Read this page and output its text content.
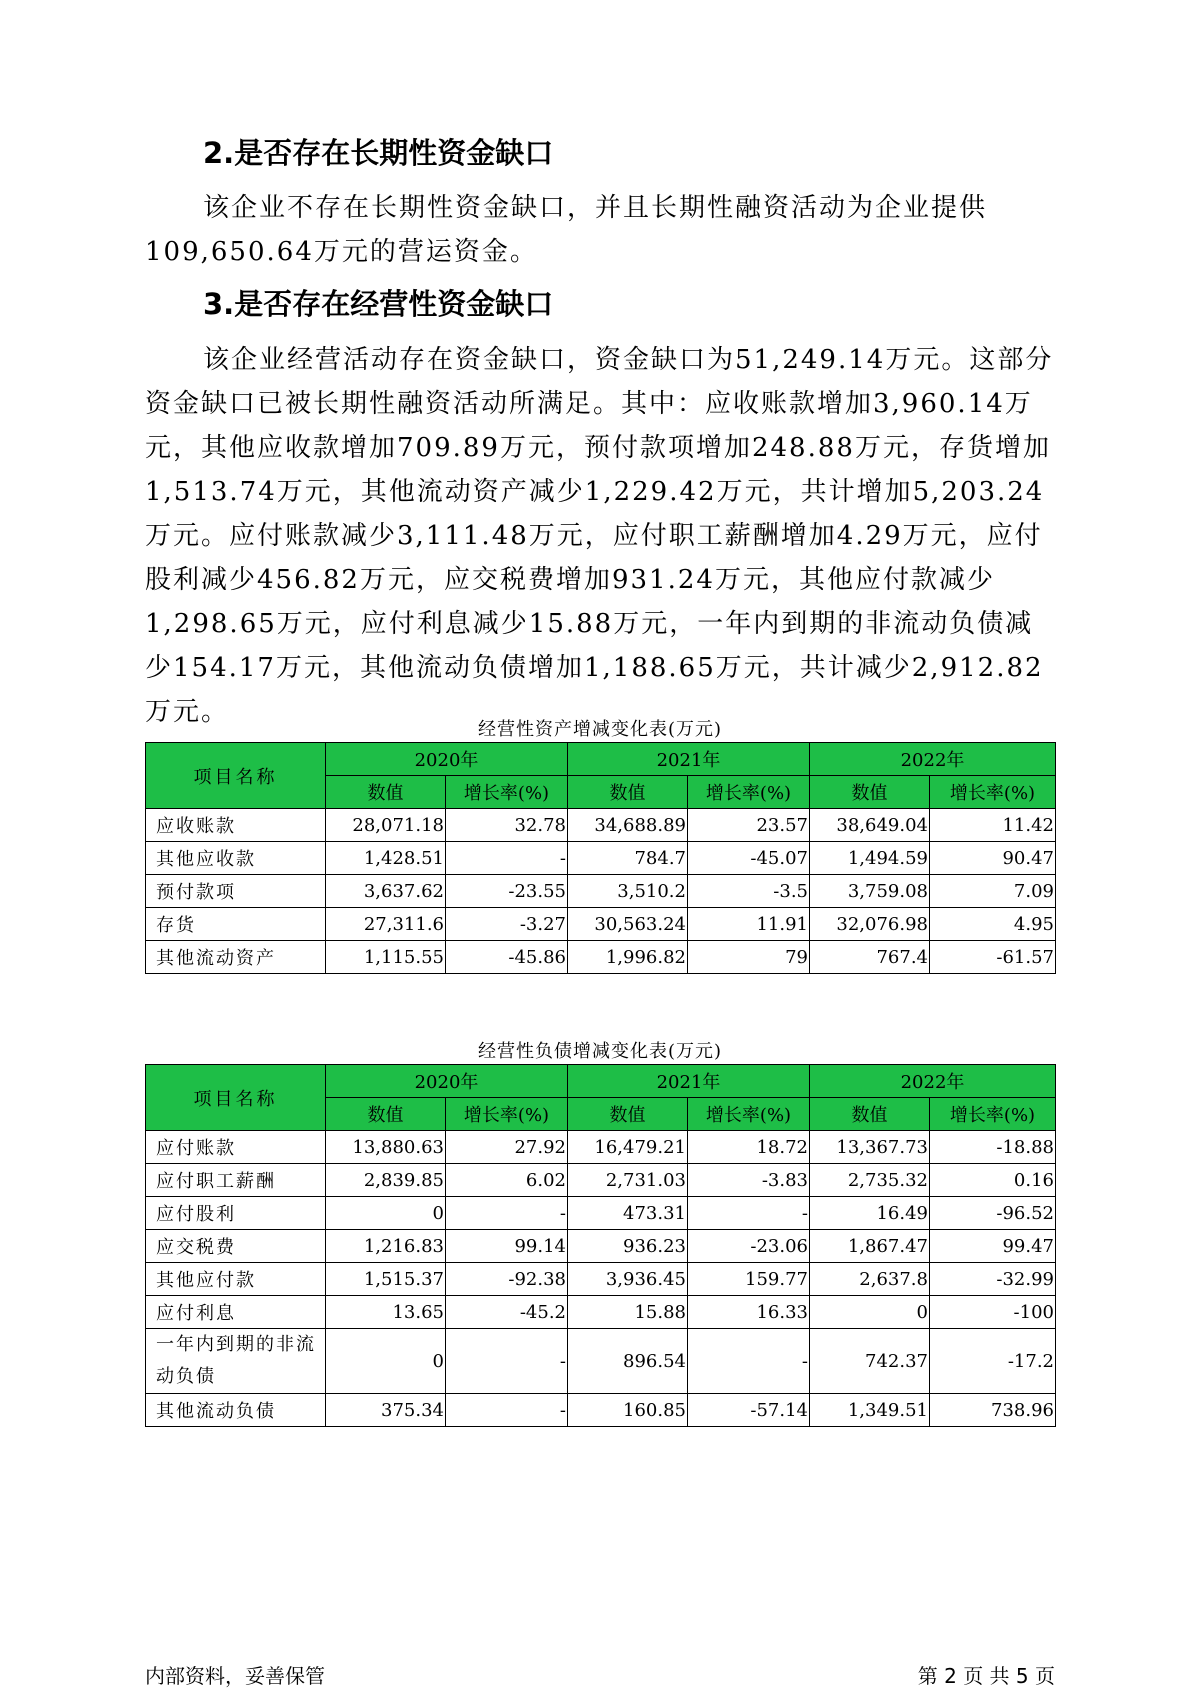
2.是否存在长期性资金缺口

该企业不存在长期性资金缺口，并且长期性融资活动为企业提供109,650.64万元的营运资金。

3.是否存在经营性资金缺口

该企业经营活动存在资金缺口，资金缺口为51,249.14万元。这部分资金缺口已被长期性融资活动所满足。其中：应收账款增加3,960.14万元，其他应收款增加709.89万元，预付款项增加248.88万元，存货增加1,513.74万元，其他流动资产减少1,229.42万元，共计增加5,203.24万元。应付账款减少3,111.48万元，应付职工薪酬增加4.29万元，应付股利减少456.82万元，应交税费增加931.24万元，其他应付款减少1,298.65万元，应付利息减少15.88万元，一年内到期的非流动负债减少154.17万元，其他流动负债增加1,188.65万元，共计减少2,912.82万元。

经营性资产增减变化表(万元)
项目名称	2020年		2021年		2022年	
	数值	增长率(%)	数值	增长率(%)	数值	增长率(%)
应收账款	28,071.18	32.78	34,688.89	23.57	38,649.04	11.42
其他应收款	1,428.51	-	784.7	-45.07	1,494.59	90.47
预付款项	3,637.62	-23.55	3,510.2	-3.5	3,759.08	7.09
存货	27,311.6	-3.27	30,563.24	11.91	32,076.98	4.95
其他流动资产	1,115.55	-45.86	1,996.82	79	767.4	-61.57
经营性负债增减变化表(万元)
项目名称	2020年		2021年		2022年	
	数值	增长率(%)	数值	增长率(%)	数值	增长率(%)
应付账款	13,880.63	27.92	16,479.21	18.72	13,367.73	-18.88
应付职工薪酬	2,839.85	6.02	2,731.03	-3.83	2,735.32	0.16
应付股利	0	-	473.31	-	16.49	-96.52
应交税费	1,216.83	99.14	936.23	-23.06	1,867.47	99.47
其他应付款	1,515.37	-92.38	3,936.45	159.77	2,637.8	-32.99
应付利息	13.65	-45.2	15.88	16.33	0	-100
一年内到期的非流动负债	0	-	896.54	-	742.37	-17.2
其他流动负债	375.34	-	160.85	-57.14	1,349.51	738.96
内部资料，妥善保管	第 2 页 共 5 页
